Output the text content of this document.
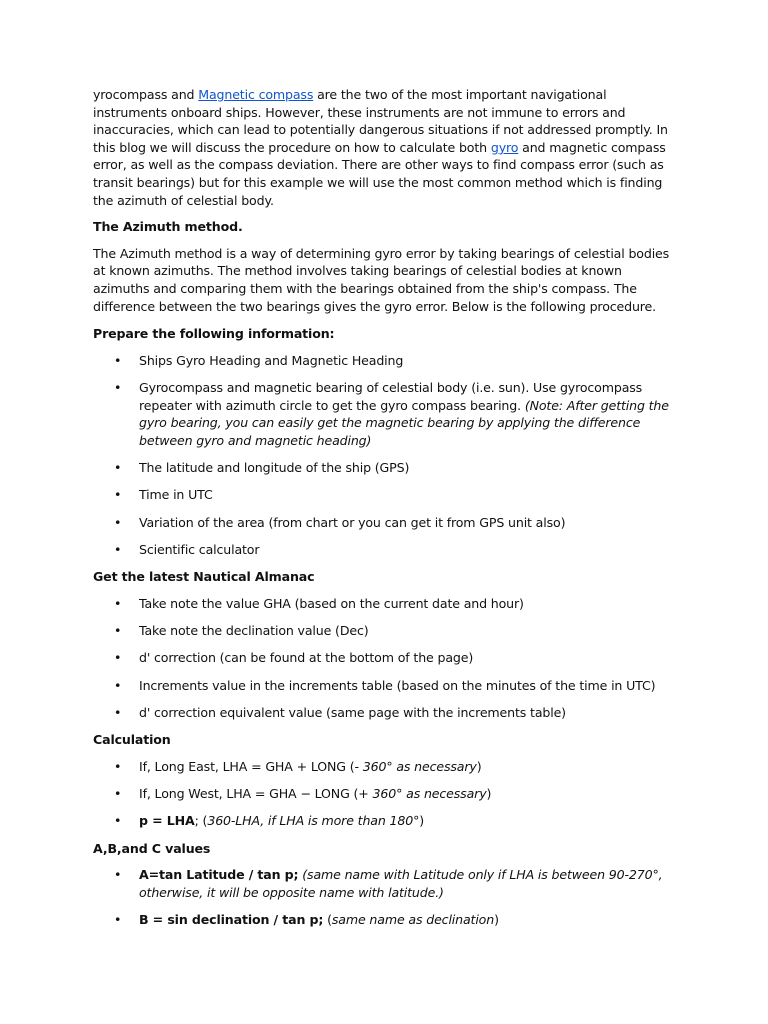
yrocompass and Magnetic compass are the two of the most important navigational instruments onboard ships. However, these instruments are not immune to errors and inaccuracies, which can lead to potentially dangerous situations if not addressed promptly. In this blog we will discuss the procedure on how to calculate both gyro and magnetic compass error, as well as the compass deviation. There are other ways to find compass error (such as transit bearings) but for this example we will use the most common method which is finding the azimuth of celestial body.

The Azimuth method.

The Azimuth method is a way of determining gyro error by taking bearings of celestial bodies at known azimuths. The method involves taking bearings of celestial bodies at known azimuths and comparing them with the bearings obtained from the ship's compass. The difference between the two bearings gives the gyro error. Below is the following procedure.

Prepare the following information:

• Ships Gyro Heading and Magnetic Heading
• Gyrocompass and magnetic bearing of celestial body (i.e. sun). Use gyrocompass repeater with azimuth circle to get the gyro compass bearing. (Note: After getting the gyro bearing, you can easily get the magnetic bearing by applying the difference between gyro and magnetic heading)
• The latitude and longitude of the ship (GPS)
• Time in UTC
• Variation of the area (from chart or you can get it from GPS unit also)
• Scientific calculator

Get the latest Nautical Almanac

• Take note the value GHA (based on the current date and hour)
• Take note the declination value (Dec)
• d' correction (can be found at the bottom of the page)
• Increments value in the increments table (based on the minutes of the time in UTC)
• d' correction equivalent value (same page with the increments table)

Calculation

• If, Long East, LHA = GHA + LONG (- 360° as necessary)
• If, Long West, LHA = GHA − LONG (+ 360° as necessary)
• p = LHA; (360-LHA, if LHA is more than 180°)

A,B,and C values

• A=tan Latitude / tan p; (same name with Latitude only if LHA is between 90-270°, otherwise, it will be opposite name with latitude.)
• B = sin declination / tan p; (same name as declination)
